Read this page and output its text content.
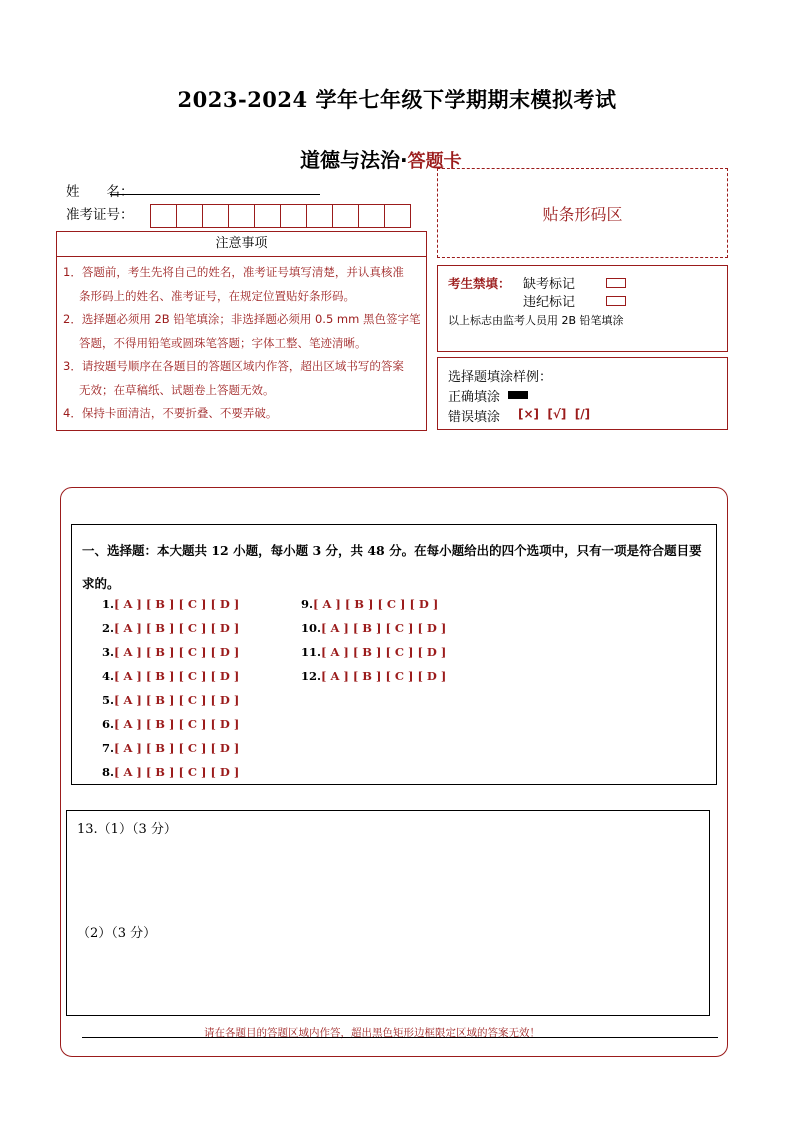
2023-2024 学年七年级下学期期末模拟考试
道德与法治·答题卡
姓　　名：
准考证号：	贴条形码区
注意事项
1．答题前，考生先将自己的姓名，准考证号填写清楚，并认真核准
条形码上的姓名、准考证号，在规定位置贴好条形码。
2．选择题必须用 2B 铅笔填涂；非选择题必须用 0.5 mm 黑色签字笔
答题，不得用铅笔或圆珠笔答题；字体工整、笔迹清晰。
3．请按题号顺序在各题目的答题区域内作答，超出区域书写的答案
无效；在草稿纸、试题卷上答题无效。
4．保持卡面清洁，不要折叠、不要弄破。
考生禁填： 缺考标记
违纪标记
以上标志由监考人员用 2B 铅笔填涂
选择题填涂样例：
正确填涂
错误填涂 [×]  [√]  [/]
一、选择题：本大题共 12 小题，每小题 3 分，共 48 分。在每小题给出的四个选项中，只有一项是符合题目要求的。
1.[ A ] [ B ] [ C ] [ D ]
2.[ A ] [ B ] [ C ] [ D ]
3.[ A ] [ B ] [ C ] [ D ]
4.[ A ] [ B ] [ C ] [ D ]
5.[ A ] [ B ] [ C ] [ D ]
6.[ A ] [ B ] [ C ] [ D ]
7.[ A ] [ B ] [ C ] [ D ]
8.[ A ] [ B ] [ C ] [ D ]
9.[ A ] [ B ] [ C ] [ D ]
10.[ A ] [ B ] [ C ] [ D ]
11.[ A ] [ B ] [ C ] [ D ]
12.[ A ] [ B ] [ C ] [ D ]
13.（1）（3 分）
（2）（3 分）
请在各题目的答题区域内作答，超出黑色矩形边框限定区域的答案无效！
